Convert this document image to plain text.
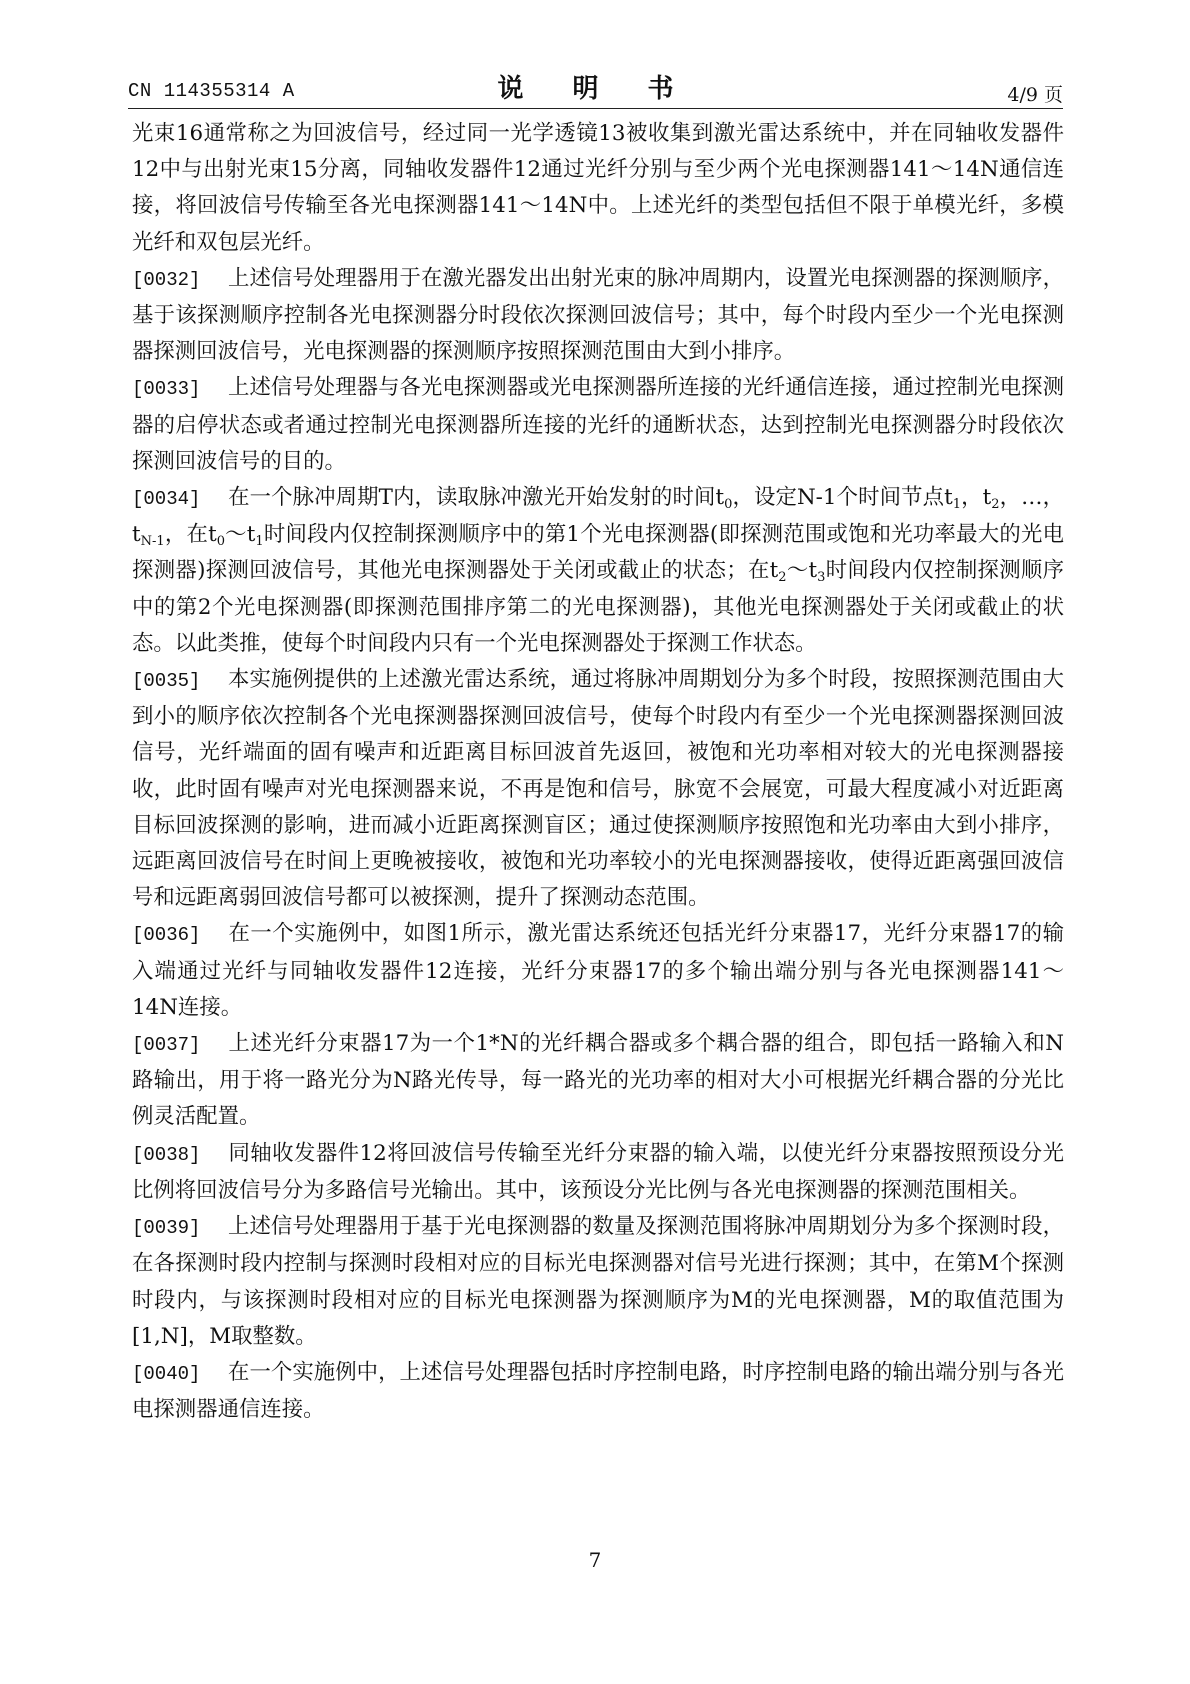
CN 114355314 A	说 明 书	4/9 页

光束16通常称之为回波信号，经过同一光学透镜13被收集到激光雷达系统中，并在同轴收发器件12中与出射光束15分离，同轴收发器件12通过光纤分别与至少两个光电探测器141～14N通信连接，将回波信号传输至各光电探测器141～14N中。上述光纤的类型包括但不限于单模光纤，多模光纤和双包层光纤。

[0032] 上述信号处理器用于在激光器发出出射光束的脉冲周期内，设置光电探测器的探测顺序，基于该探测顺序控制各光电探测器分时段依次探测回波信号；其中，每个时段内至少一个光电探测器探测回波信号，光电探测器的探测顺序按照探测范围由大到小排序。

[0033] 上述信号处理器与各光电探测器或光电探测器所连接的光纤通信连接，通过控制光电探测器的启停状态或者通过控制光电探测器所连接的光纤的通断状态，达到控制光电探测器分时段依次探测回波信号的目的。

[0034] 在一个脉冲周期T内，读取脉冲激光开始发射的时间$t_0$，设定N-1个时间节点$t_1$，$t_2$，…，$t_{N-1}$，在$t_0\sim t_1$时间段内仅控制探测顺序中的第1个光电探测器(即探测范围或饱和光功率最大的光电探测器)探测回波信号，其他光电探测器处于关闭或截止的状态；在$t_2\sim t_3$时间段内仅控制探测顺序中的第2个光电探测器(即探测范围排序第二的光电探测器)，其他光电探测器处于关闭或截止的状态。以此类推，使每个时间段内只有一个光电探测器处于探测工作状态。

[0035] 本实施例提供的上述激光雷达系统，通过将脉冲周期划分为多个时段，按照探测范围由大到小的顺序依次控制各个光电探测器探测回波信号，使每个时段内有至少一个光电探测器探测回波信号，光纤端面的固有噪声和近距离目标回波首先返回，被饱和光功率相对较大的光电探测器接收，此时固有噪声对光电探测器来说，不再是饱和信号，脉宽不会展宽，可最大程度减小对近距离目标回波探测的影响，进而减小近距离探测盲区；通过使探测顺序按照饱和光功率由大到小排序，远距离回波信号在时间上更晚被接收，被饱和光功率较小的光电探测器接收，使得近距离强回波信号和远距离弱回波信号都可以被探测，提升了探测动态范围。

[0036] 在一个实施例中，如图1所示，激光雷达系统还包括光纤分束器17，光纤分束器17的输入端通过光纤与同轴收发器件12连接，光纤分束器17的多个输出端分别与各光电探测器141～14N连接。

[0037] 上述光纤分束器17为一个1*N的光纤耦合器或多个耦合器的组合，即包括一路输入和N路输出，用于将一路光分为N路光传导，每一路光的光功率的相对大小可根据光纤耦合器的分光比例灵活配置。

[0038] 同轴收发器件12将回波信号传输至光纤分束器的输入端，以使光纤分束器按照预设分光比例将回波信号分为多路信号光输出。其中，该预设分光比例与各光电探测器的探测范围相关。

[0039] 上述信号处理器用于基于光电探测器的数量及探测范围将脉冲周期划分为多个探测时段，在各探测时段内控制与探测时段相对应的目标光电探测器对信号光进行探测；其中，在第M个探测时段内，与该探测时段相对应的目标光电探测器为探测顺序为M的光电探测器，M的取值范围为[1,N]，M取整数。

[0040] 在一个实施例中，上述信号处理器包括时序控制电路，时序控制电路的输出端分别与各光电探测器通信连接。

7
